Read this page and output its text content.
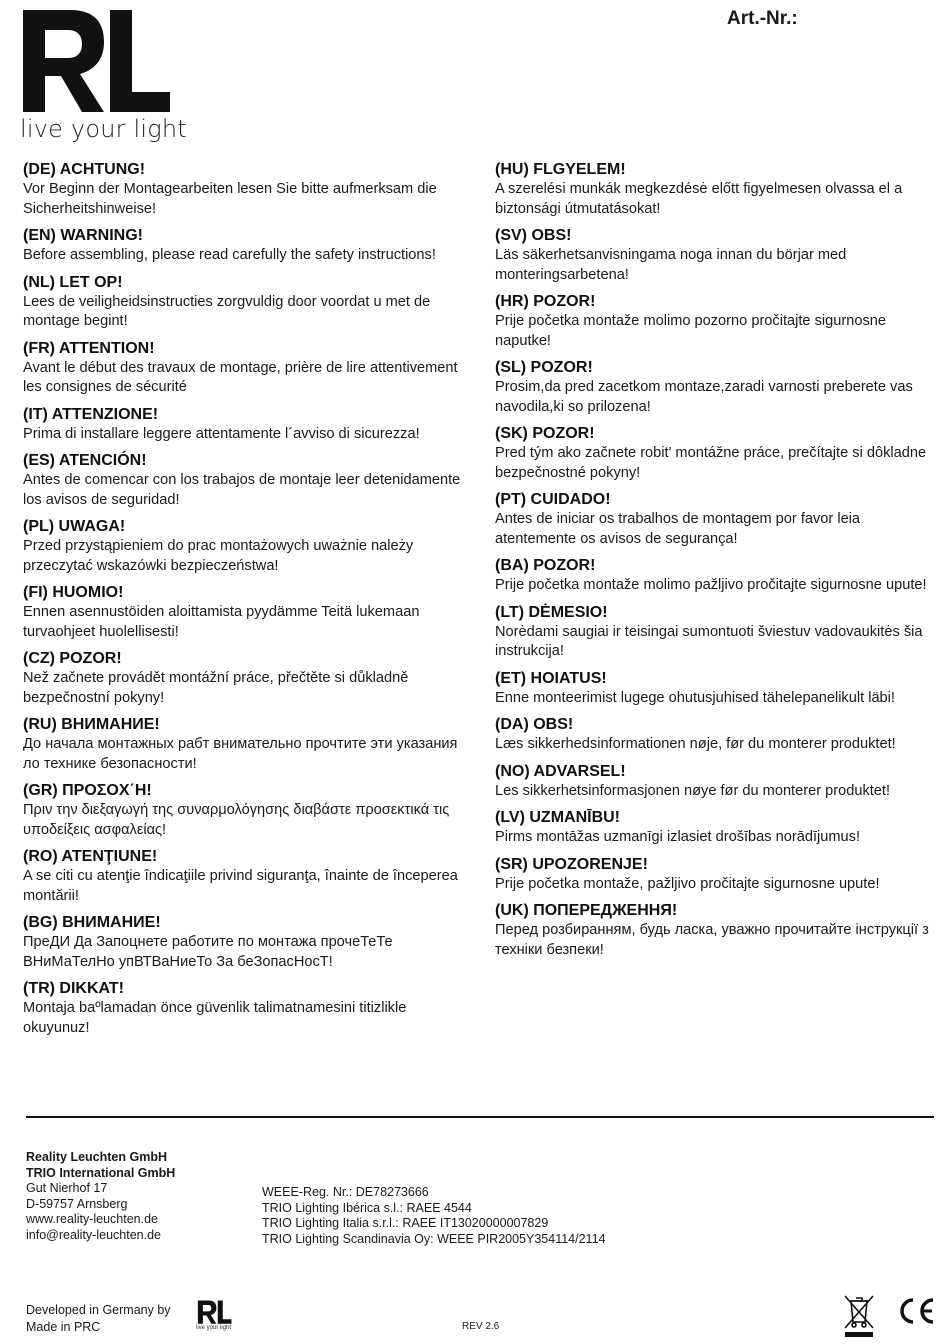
live your light
Art.-Nr.:
(DE) ACHTUNG!

Vor Beginn der Montagearbeiten lesen Sie bitte aufmerksam die Sicherheitshinweise!

(EN) WARNING!

Before assembling, please read carefully the safety instructions!

(NL) LET OP!

Lees de veiligheidsinstructies zorgvuldig door voordat u met de montage begint!

(FR) ATTENTION!

Avant le début des travaux de montage, prière de lire attentivement les consignes de sécurité

(IT) ATTENZIONE!

Prima di installare leggere attentamente l´avviso di sicurezza!

(ES) ATENCIÓN!

Antes de comencar con los trabajos de montaje leer detenidamente los avisos de seguridad!

(PL) UWAGA!

Przed przystąpieniem do prac montażowych uważnie należy przeczytać wskazówki bezpieczeństwa!

(FI) HUOMIO!

Ennen asennustöiden aloittamista pyydämme Teitä lukemaan turvaohjeet huolellisesti!

(CZ) POZOR!

Než začnete provádět montážní práce, přečtěte si důkladně bezpečnostní pokyny!

(RU) ВНИМАНИЕ!

До начала монтажных рабт внимательно прочтите эти указания ло технике безопасности!

(GR) ΠΡΟΣΟΧ΄Η!

Πριν την διεξαγωγή της συναρμολόγησης διαβάστε προσεκτικά τις υποδείξεις ασφαλείας!

(RO) ATENŢIUNE!

A se citi cu atenţie îndicaţiile privind siguranţa, înainte de începerea montării!

(BG) ВНИМАНИЕ!

ПреДИ Да Запоцнете работите по монтажа прочеТеТе ВНиМаТелНо упВТВаНиеТо За беЗопасНосТ!

(TR) DIKKAT!

Montaja baºlamadan önce güvenlik talimatnamesini titizlikle okuyunuz!

(HU) FLGYELEM!

A szerelési munkák megkezdésė előtt figyelmesen olvassa el a biztonsági útmutatásokat!

(SV) OBS!

Läs säkerhetsanvisningama noga innan du börjar med monteringsarbetena!

(HR) POZOR!

Prije početka montaže molimo pozorno pročitajte sigurnosne naputke!

(SL) POZOR!

Prosim,da pred zacetkom montaze,zaradi varnosti preberete vas navodila,ki so prilozena!

(SK) POZOR!

Pred tým ako začnete robit' montážne práce, prečítajte si dôkladne bezpečnostné pokyny!

(PT) CUIDADO!

Antes de iniciar os trabalhos de montagem por favor leia atentemente os avisos de segurança!

(BA) POZOR!

Prije početka montaže molimo pažljivo pročitajte sigurnosne upute!

(LT) DĖMESIO!

Norėdami saugiai ir teisingai sumontuoti šviestuv vadovaukitės šia instrukcija!

(ET) HOIATUS!

Enne monteerimist lugege ohutusjuhised tähelepanelikult läbi!

(DA) OBS!

Læs sikkerhedsinformationen nøje, før du monterer produktet!

(NO) ADVARSEL!

Les sikkerhetsinformasjonen nøye før du monterer produktet!

(LV) UZMANĪBU!

Pirms montāžas uzmanīgi izlasiet drošības norādījumus!

(SR) UPOZORENJE!

Prije početka montaže, pažljivo pročitajte sigurnosne upute!

(UK) ПОПЕРЕДЖЕННЯ!

Перед розбиранням, будь ласка, уважно прочитайте інструкції з техніки безпеки!

Reality Leuchten GmbH
TRIO International GmbH
Gut Nierhof 17
D-59757 Arnsberg
www.reality-leuchten.de
info@reality-leuchten.de
WEEE-Reg. Nr.: DE78273666
TRIO Lighting Ibérica s.l.: RAEE 4544
TRIO Lighting Italia s.r.l.: RAEE IT13020000007829
TRIO Lighting Scandinavia Oy: WEEE PIR2005Y354114/2114
Developed in Germany by
Made in PRC	live your light	REV 2.6
